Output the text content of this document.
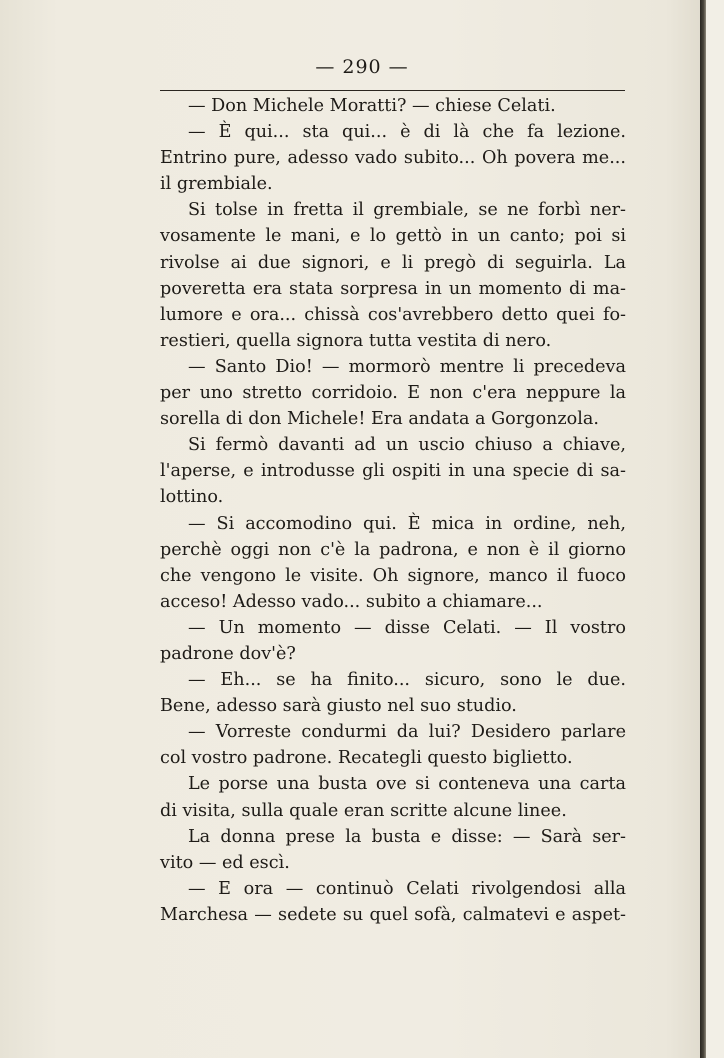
— 290 —
— Don Michele Moratti? — chiese Celati.
— È qui... sta qui... è di là che fa lezione.
Entrino pure, adesso vado subito... Oh povera me...
il grembiale.
Si tolse in fretta il grembiale, se ne forbì ner-
vosamente le mani, e lo gettò in un canto; poi si
rivolse ai due signori, e li pregò di seguirla. La
poveretta era stata sorpresa in un momento di ma-
lumore e ora... chissà cos'avrebbero detto quei fo-
restieri, quella signora tutta vestita di nero.
— Santo Dio! — mormorò mentre li precedeva
per uno stretto corridoio. E non c'era neppure la
sorella di don Michele! Era andata a Gorgonzola.
Si fermò davanti ad un uscio chiuso a chiave,
l'aperse, e introdusse gli ospiti in una specie di sa-
lottino.
— Si accomodino qui. È mica in ordine, neh,
perchè oggi non c'è la padrona, e non è il giorno
che vengono le visite. Oh signore, manco il fuoco
acceso! Adesso vado... subito a chiamare...
— Un momento — disse Celati. — Il vostro
padrone dov'è?
— Eh... se ha finito... sicuro, sono le due.
Bene, adesso sarà giusto nel suo studio.
— Vorreste condurmi da lui? Desidero parlare
col vostro padrone. Recategli questo biglietto.
Le porse una busta ove si conteneva una carta
di visita, sulla quale eran scritte alcune linee.
La donna prese la busta e disse: — Sarà ser-
vito — ed escì.
— E ora — continuò Celati rivolgendosi alla
Marchesa — sedete su quel sofà, calmatevi e aspet-
